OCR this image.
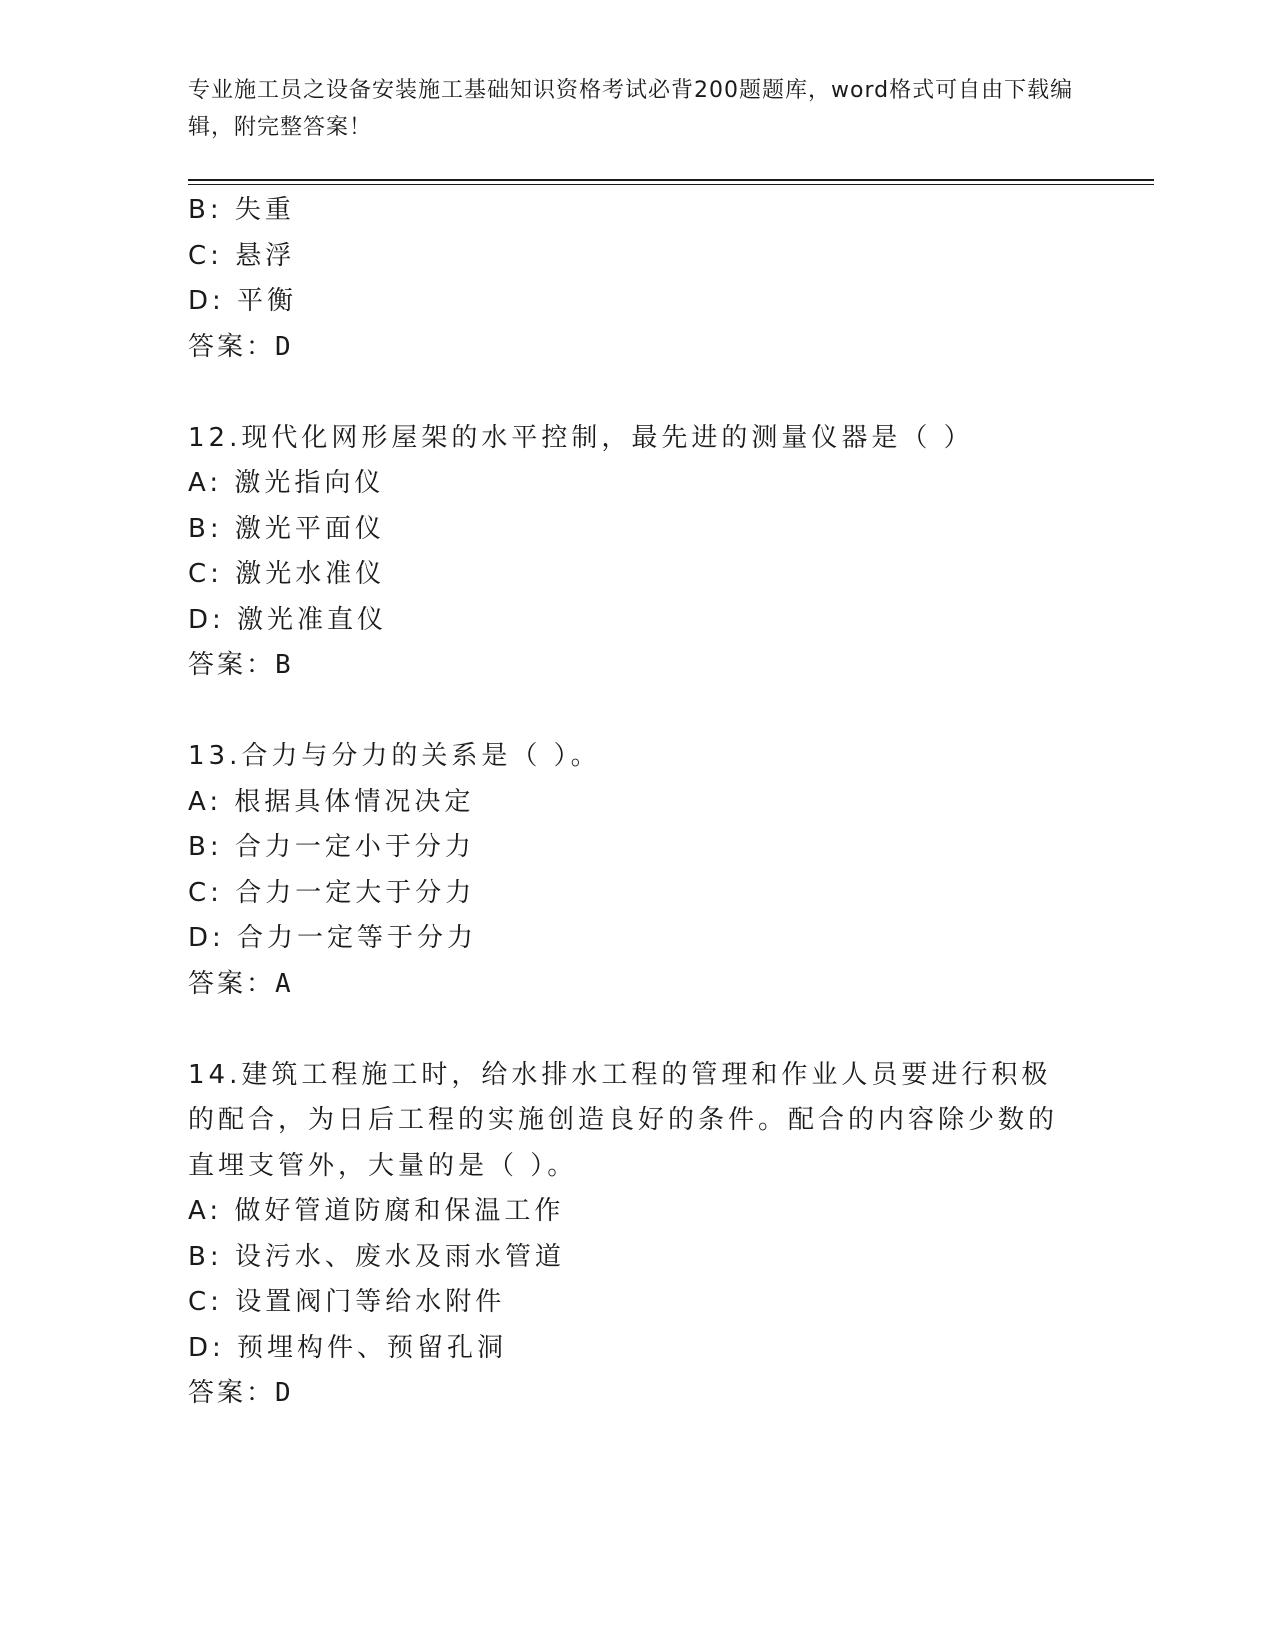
专业施工员之设备安装施工基础知识资格考试必背200题题库，word格式可自由下载编辑，附完整答案！
B: 失重
C: 悬浮
D: 平衡
答案：D
12.现代化网形屋架的水平控制，最先进的测量仪器是（ ）
A: 激光指向仪
B: 激光平面仪
C: 激光水准仪
D: 激光准直仪
答案：B
13.合力与分力的关系是（ ）。
A: 根据具体情况决定
B: 合力一定小于分力
C: 合力一定大于分力
D: 合力一定等于分力
答案：A
14.建筑工程施工时，给水排水工程的管理和作业人员要进行积极的配合，为日后工程的实施创造良好的条件。配合的内容除少数的直埋支管外，大量的是（ ）。
A: 做好管道防腐和保温工作
B: 设污水、废水及雨水管道
C: 设置阀门等给水附件
D: 预埋构件、预留孔洞
答案：D
